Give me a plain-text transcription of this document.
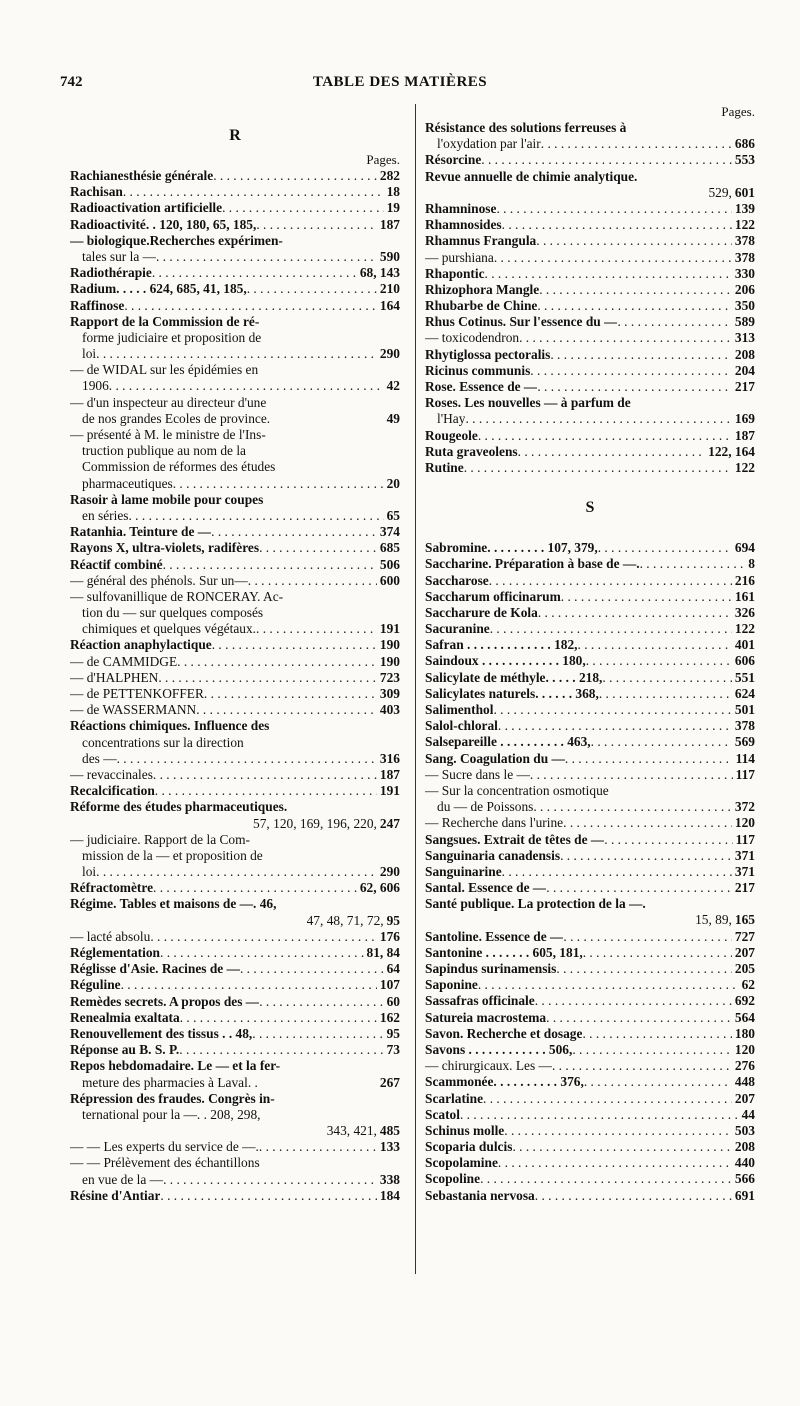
742	TABLE DES MATIÈRES
R
Pages.
Rachianesthésie générale . . .	282
Rachisan . . .	18
Radioactivation artificielle . . .	19
Radioactivité. . 120, 180, 65, 185, . . .	187
— biologique.Recherches expérimen-
tales sur la — . . .	590
Radiothérapie . . .	68, 143
Radium. . . . . 624, 685, 41, 185, . . .	210
Raffinose . . .	164
Rapport de la Commission de ré-
forme judiciaire et proposition de
loi . . .	290
— de WIDAL sur les épidémies en
1906 . . .	42
— d'un inspecteur au directeur d'une
de nos grandes Ecoles de province.	49
— présenté à M. le ministre de l'Ins-
truction publique au nom de la
Commission de réformes des études
pharmaceutiques . . .	20
Rasoir à lame mobile pour coupes
en séries . . .	65
Ratanhia. Teinture de — . . .	374
Rayons X, ultra-violets, radifères . . .	685
Réactif combiné . . .	506
— général des phénols. Sur un— . . .	600
— sulfovanillique de RONCERAY. Ac-
tion du — sur quelques composés
chimiques et quelques végétaux. . . .	191
Réaction anaphylactique . . .	190
— de CAMMIDGE . . .	190
— d'HALPHEN . . .	723
— de PETTENKOFFER . . .	309
— de WASSERMANN . . .	403
Réactions chimiques. Influence des
concentrations sur la direction
des — . . .	316
— revaccinales . . .	187
Recalcification . . .	191
Réforme des études pharmaceutiques.
57, 120, 169, 196, 220, 247
— judiciaire. Rapport de la Com-
mission de la — et proposition de
loi . . .	290
Réfractomètre . . .	62, 606
Régime. Tables et maisons de —. 46,
47, 48, 71, 72, 95
— lacté absolu . . .	176
Réglementation . . .	81, 84
Réglisse d'Asie. Racines de — . . .	64
Réguline . . .	107
Remèdes secrets. A propos des — . . .	60
Renealmia exaltata . . .	162
Renouvellement des tissus . . 48, . . .	95
Réponse au B. S. P. . . .	73
Repos hebdomadaire. Le — et la fer-
meture des pharmacies à Laval. .	267
Répression des fraudes. Congrès in-
ternational pour la —. . 208, 298,
343, 421, 485
— — Les experts du service de —. . . .	133
— — Prélèvement des échantillons
en vue de la — . . .	338
Résine d'Antiar . . .	184
Pages.
Résistance des solutions ferreuses à
l'oxydation par l'air . . .	686
Résorcine . . .	553
Revue annuelle de chimie analytique.
529, 601
Rhamninose . . .	139
Rhamnosides . . .	122
Rhamnus Frangula . . .	378
— purshiana . . .	378
Rhapontic . . .	330
Rhizophora Mangle . . .	206
Rhubarbe de Chine . . .	350
Rhus Cotinus. Sur l'essence du — . . .	589
— toxicodendron . . .	313
Rhytiglossa pectoralis . . .	208
Ricinus communis . . .	204
Rose. Essence de — . . .	217
Roses. Les nouvelles — à parfum de
l'Hay . . .	169
Rougeole . . .	187
Ruta graveolens . . .	122, 164
Rutine . . .	122
S
Sabromine. . . . . . . . . 107, 379, . . .	694
Saccharine. Préparation à base de —. . . .	8
Saccharose . . .	216
Saccharum officinarum . . .	161
Saccharure de Kola . . .	326
Sacuranine . . .	122
Safran . . . . . . . . . . . . . 182, . . .	401
Saindoux . . . . . . . . . . . . 180, . . .	606
Salicylate de méthyle. . . . . 218, . . .	551
Salicylates naturels. . . . . . 368, . . .	624
Salimenthol . . .	501
Salol-chloral . . .	378
Salsepareille . . . . . . . . . . 463, . . .	569
Sang. Coagulation du — . . .	114
— Sucre dans le — . . .	117
— Sur la concentration osmotique
du — de Poissons . . .	372
— Recherche dans l'urine . . .	120
Sangsues. Extrait de têtes de — . . .	117
Sanguinaria canadensis . . .	371
Sanguinarine . . .	371
Santal. Essence de — . . .	217
Santé publique. La protection de la —.
15, 89, 165
Santoline. Essence de — . . .	727
Santonine . . . . . . . 605, 181, . . .	207
Sapindus surinamensis . . .	205
Saponine . . .	62
Sassafras officinale . . .	692
Satureia macrostema . . .	564
Savon. Recherche et dosage . . .	180
Savons . . . . . . . . . . . . 506, . . .	120
— chirurgicaux. Les — . . .	276
Scammonée. . . . . . . . . . 376, . . .	448
Scarlatine . . .	207
Scatol . . .	44
Schinus molle . . .	503
Scoparia dulcis . . .	208
Scopolamine . . .	440
Scopoline . . .	566
Sebastania nervosa . . .	691
